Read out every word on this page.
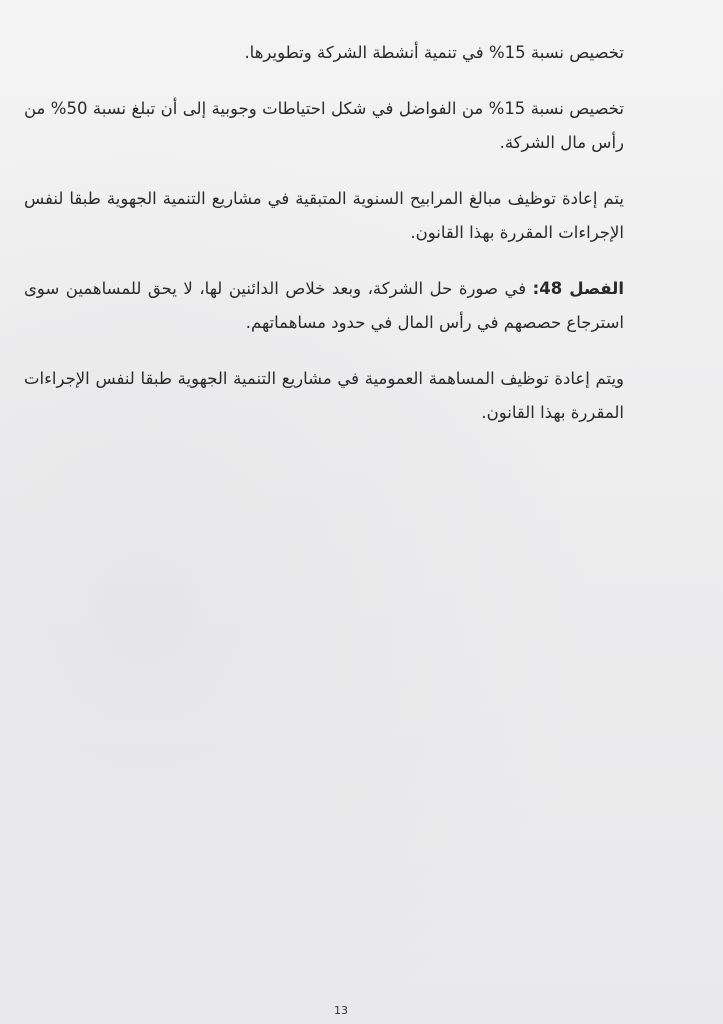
تخصيص نسبة 15% في تنمية أنشطة الشركة وتطويرها.

تخصيص نسبة 15% من الفواضل في شكل احتياطات وجوبية إلى أن تبلغ نسبة 50% من رأس مال الشركة.

يتم إعادة توظيف مبالغ المرابيح السنوية المتبقية في مشاريع التنمية الجهوية طبقا لنفس الإجراءات المقررة بهذا القانون.

الفصل 48: في صورة حل الشركة، وبعد خلاص الدائنين لها، لا يحق للمساهمين سوى استرجاع حصصهم في رأس المال في حدود مساهماتهم.

ويتم إعادة توظيف المساهمة العمومية في مشاريع التنمية الجهوية طبقا لنفس الإجراءات المقررة بهذا القانون.

13
